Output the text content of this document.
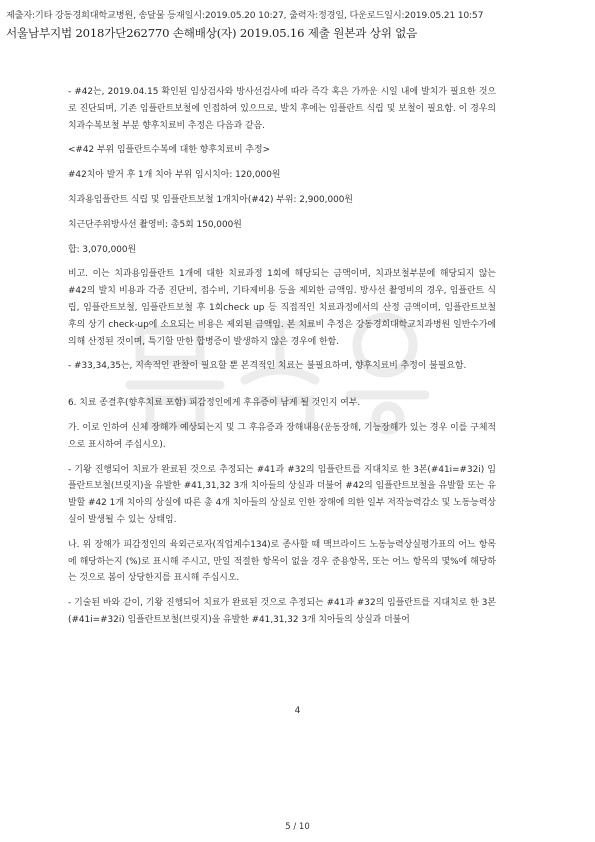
제출자:기타 강동경희대학교병원, 송달물 등재일시:2019.05.20 10:27, 출력자:정경일, 다운로드일시:2019.05.21 10:57
서울남부지법 2018가단262770 손해배상(자) 2019.05.16 제출 원본과 상위 없음

- #42는, 2019.04.15 확인된 임상검사와 방사선검사에 따라 즉각 혹은 가까운 시일 내에 발치가 필요한 것으로 진단되며, 기존 임플란트보철에 인접하여 있으므로, 발치 후에는 임플란트 식립 및 보철이 필요함. 이 경우의 치과수복보철 부분 향후치료비 추정은 다음과 같음.

<#42 부위 임플란트수복에 대한 향후치료비 추정>

#42치아 발거 후 1개 치아 부위 임시치아: 120,000원

치과용임플란트 식립 및 임플란트보철 1개치아(#42) 부위: 2,900,000원

치근단주위방사선 촬영비: 총5회 150,000원

합: 3,070,000원

비고. 이는 치과용임플란트 1개에 대한 치료과정 1회에 해당되는 금액이며, 치과보철부분에 해당되지 않는 #42의 발치 비용과 각종 진단비, 접수비, 기타제비용 등을 제외한 금액임. 방사선 촬영비의 경우, 임플란트 식립, 임플란트보철, 임플란트보철 후 1회check up 등 직접적인 치료과정에서의 산정 금액이며, 임플란트보철 후의 상기 check-up에 소요되는 비용은 제외된 금액임. 본 치료비 추정은 강동경희대학교치과병원 일반수가에 의해 산정된 것이며, 특기할 만한 합병증이 발생하지 않은 경우에 한함.

- #33,34,35는, 지속적인 관찰이 필요할 뿐 본격적인 치료는 불필요하며, 향후치료비 추정이 불필요함.

6. 치료 종결후(향후치료 포함) 피감정인에게 후유증이 남게 될 것인지 여부.

가. 이로 인하여 신체 장해가 예상되는지 및 그 후유증과 장해내용(운동장해, 기능장해가 있는 경우 이를 구체적으로 표시하여 주십시오).

- 기왕 진행되어 치료가 완료된 것으로 추정되는 #41과 #32의 임플란트를 지대치로 한 3본(#41i=#32i) 임플란트보철(브릿지)을 유발한 #41,31,32 3개 치아들의 상실과 더불어 #42의 임플란트보철을 유발할 또는 유발할 #42 1개 치아의 상실에 따른 총 4개 치아들의 상실로 인한 장해에 의한 일부 저작능력감소 및 노동능력상실이 발생될 수 있는 상태임.

나. 위 장해가 피감정인의 육외근로자(직업계수134)로 종사할 때 맥브라이드 노동능력상실평가표의 어느 항목에 해당하는지 (%)로 표시해 주시고, 만일 적절한 항목이 없을 경우 준용항목, 또는 어느 항목의 몇%에 해당하는 것으로 봄이 상당한지를 표시해 주십시오.

- 기술된 바와 같이, 기왕 진행되어 치료가 완료된 것으로 추정되는 #41과 #32의 임플란트를 지대치로 한 3본(#41i=#32i) 임플란트보철(브릿지)을 유발한 #41,31,32 3개 치아들의 상실과 더불어

4
5 / 10
